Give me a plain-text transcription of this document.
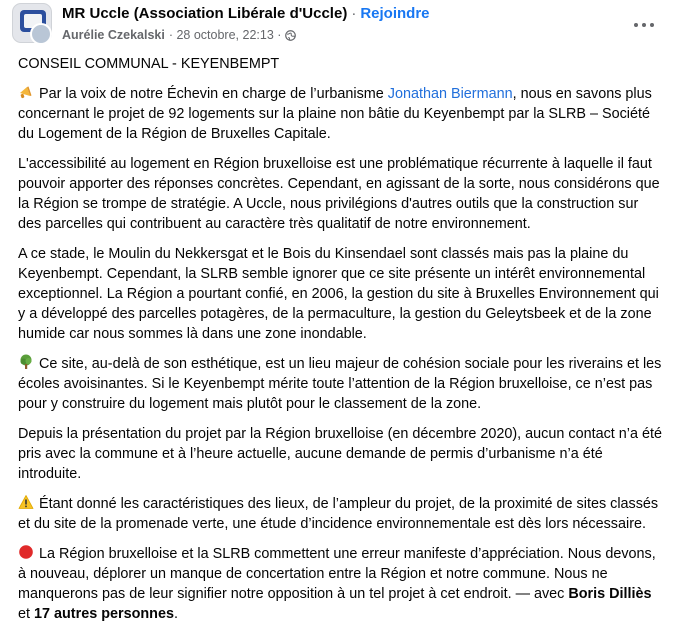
MR Uccle (Association Libérale d'Uccle) · Rejoindre
Aurélie Czekalski · 28 octobre, 22:13 ·

CONSEIL COMMUNAL - KEYENBEMPT

Par la voix de notre Échevin en charge de l’urbanisme Jonathan Biermann, nous en savons plus concernant le projet de 92 logements sur la plaine non bâtie du Keyenbempt par la SLRB – Société du Logement de la Région de Bruxelles Capitale.

L'accessibilité au logement en Région bruxelloise est une problématique récurrente à laquelle il faut pouvoir apporter des réponses concrètes. Cependant, en agissant de la sorte, nous considérons que la Région se trompe de stratégie. A Uccle, nous privilégions d'autres outils que la construction sur des parcelles qui contribuent au caractère très qualitatif de notre environnement.

A ce stade, le Moulin du Nekkersgat et le Bois du Kinsendael sont classés mais pas la plaine du Keyenbempt. Cependant, la SLRB semble ignorer que ce site présente un intérêt environnemental exceptionnel. La Région a pourtant confié, en 2006, la gestion du site à Bruxelles Environnement qui y a développé des parcelles potagères, de la permaculture, la gestion du Geleytsbeek et de la zone humide car nous sommes là dans une zone inondable.

Ce site, au-delà de son esthétique, est un lieu majeur de cohésion sociale pour les riverains et les écoles avoisinantes. Si le Keyenbempt mérite toute l’attention de la Région bruxelloise, ce n’est pas pour y construire du logement mais plutôt pour le classement de la zone.

Depuis la présentation du projet par la Région bruxelloise (en décembre 2020), aucun contact n’a été pris avec la commune et à l’heure actuelle, aucune demande de permis d’urbanisme n’a été introduite.

Étant donné les caractéristiques des lieux, de l’ampleur du projet, de la proximité de sites classés et du site de la promenade verte, une étude d’incidence environnementale est dès lors nécessaire.

La Région bruxelloise et la SLRB commettent une erreur manifeste d’appréciation. Nous devons, à nouveau, déplorer un manque de concertation entre la Région et notre commune. Nous ne manquerons pas de leur signifier notre opposition à un tel projet à cet endroit. — avec Boris Dilliès et 17 autres personnes.
